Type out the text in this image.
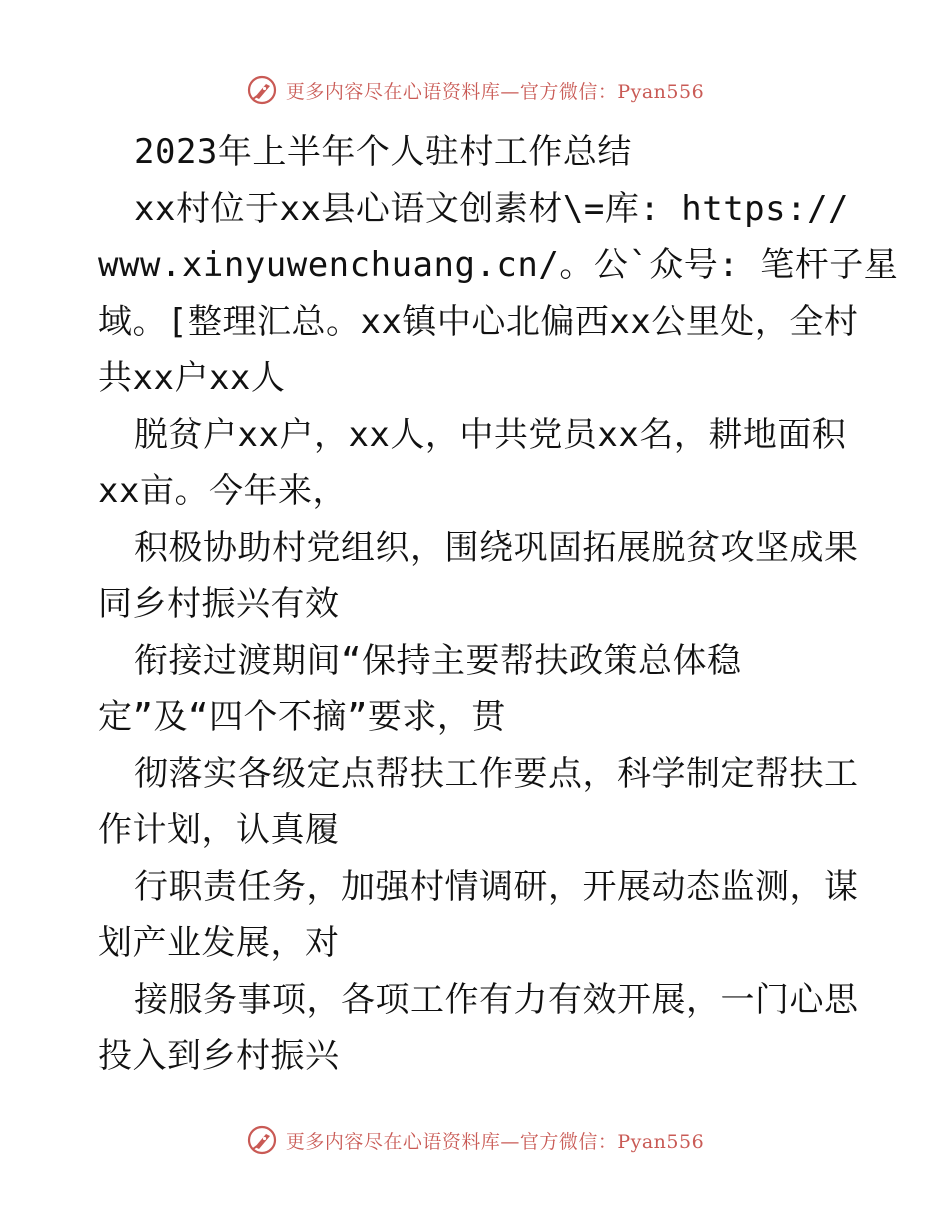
更多内容尽在心语资料库—官方微信：Pyan556
2023年上半年个人驻村工作总结
xx村位于xx县心语文创素材\=库: https://
www.xinyuwenchuang.cn/。公`众号: 笔杆子星
域。[整理汇总。xx镇中心北偏西xx公里处，全村
共xx户xx人
脱贫户xx户，xx人，中共党员xx名，耕地面积
xx亩。今年来，
积极协助村党组织，围绕巩固拓展脱贫攻坚成果
同乡村振兴有效
衔接过渡期间“保持主要帮扶政策总体稳
定”及“四个不摘”要求，贯
彻落实各级定点帮扶工作要点，科学制定帮扶工
作计划，认真履
行职责任务，加强村情调研，开展动态监测，谋
划产业发展，对
接服务事项，各项工作有力有效开展，一门心思
投入到乡村振兴
更多内容尽在心语资料库—官方微信：Pyan556
